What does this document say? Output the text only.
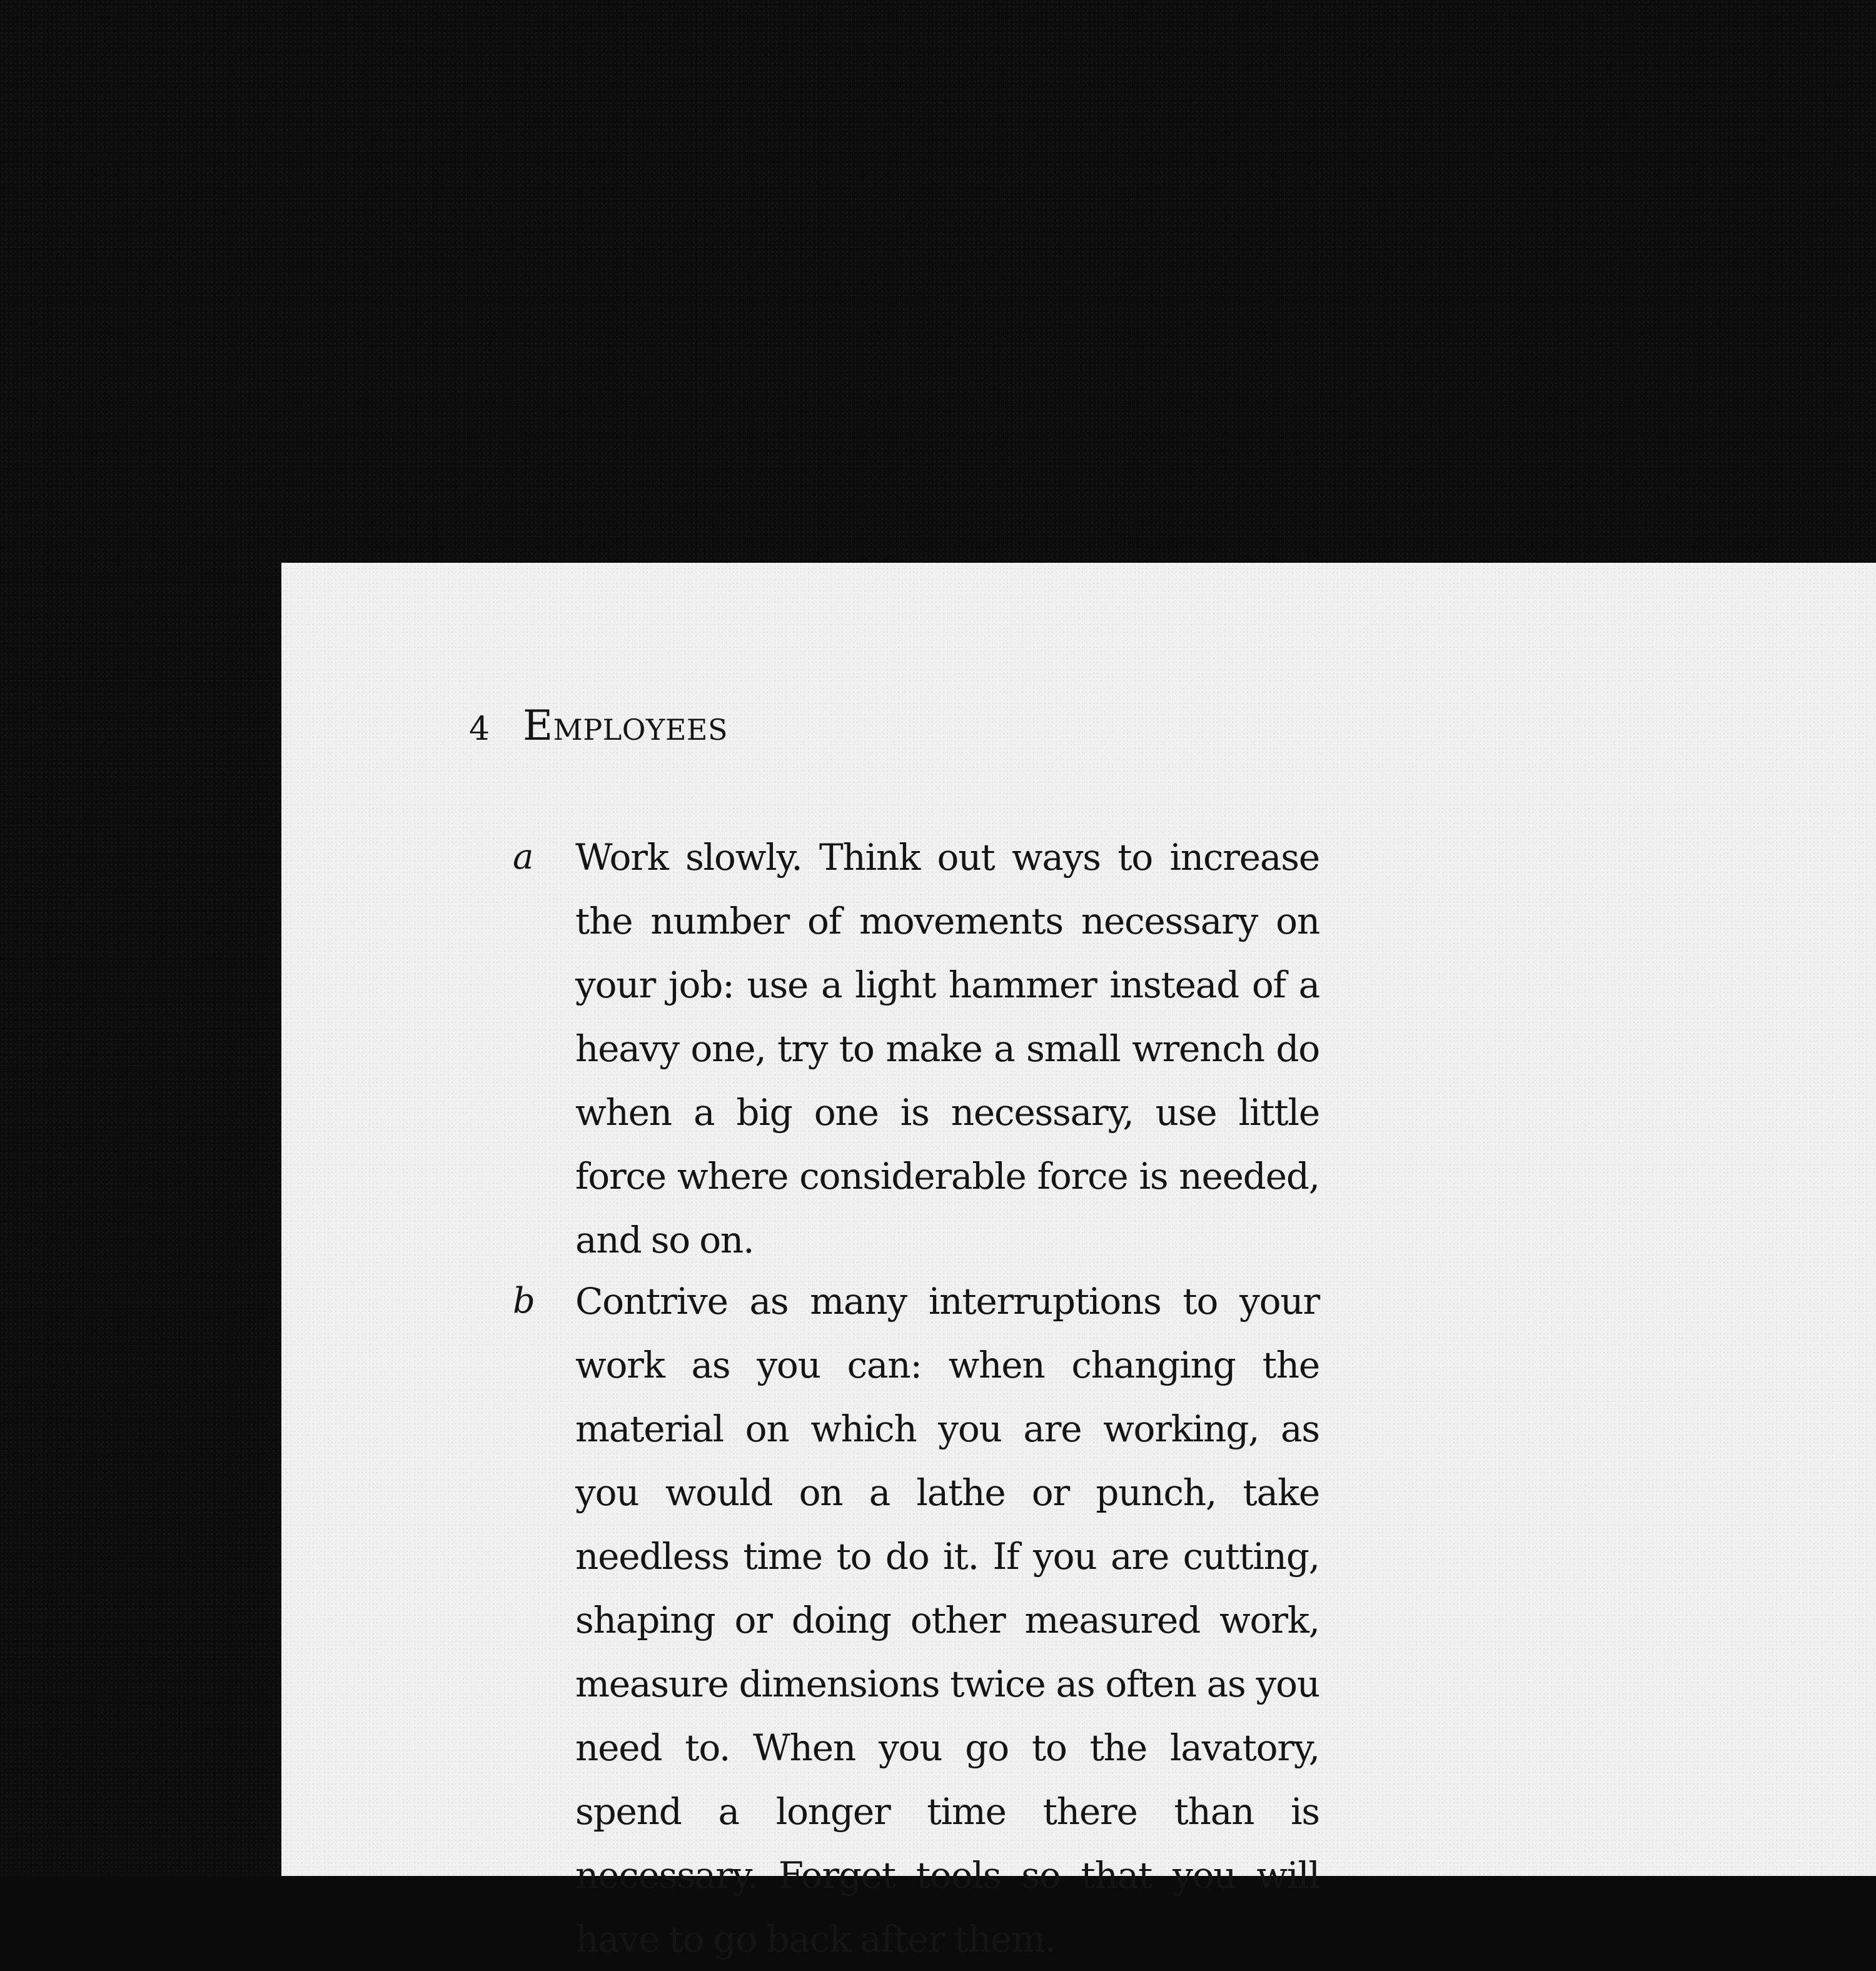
4 Employees
a	Work slowly. Think out ways to increase the number of movements necessary on your job: use a light hammer instead of a heavy one, try to make a small wrench do when a big one is necessary, use little force where considerable force is needed, and so on.

b	Contrive as many interruptions to your work as you can: when changing the material on which you are working, as you would on a lathe or punch, take needless time to do it. If you are cutting, shaping or doing other measured work, measure dimensions twice as often as you need to. When you go to the lavatory, spend a longer time there than is necessary. Forget tools so that you will have to go back after them.
